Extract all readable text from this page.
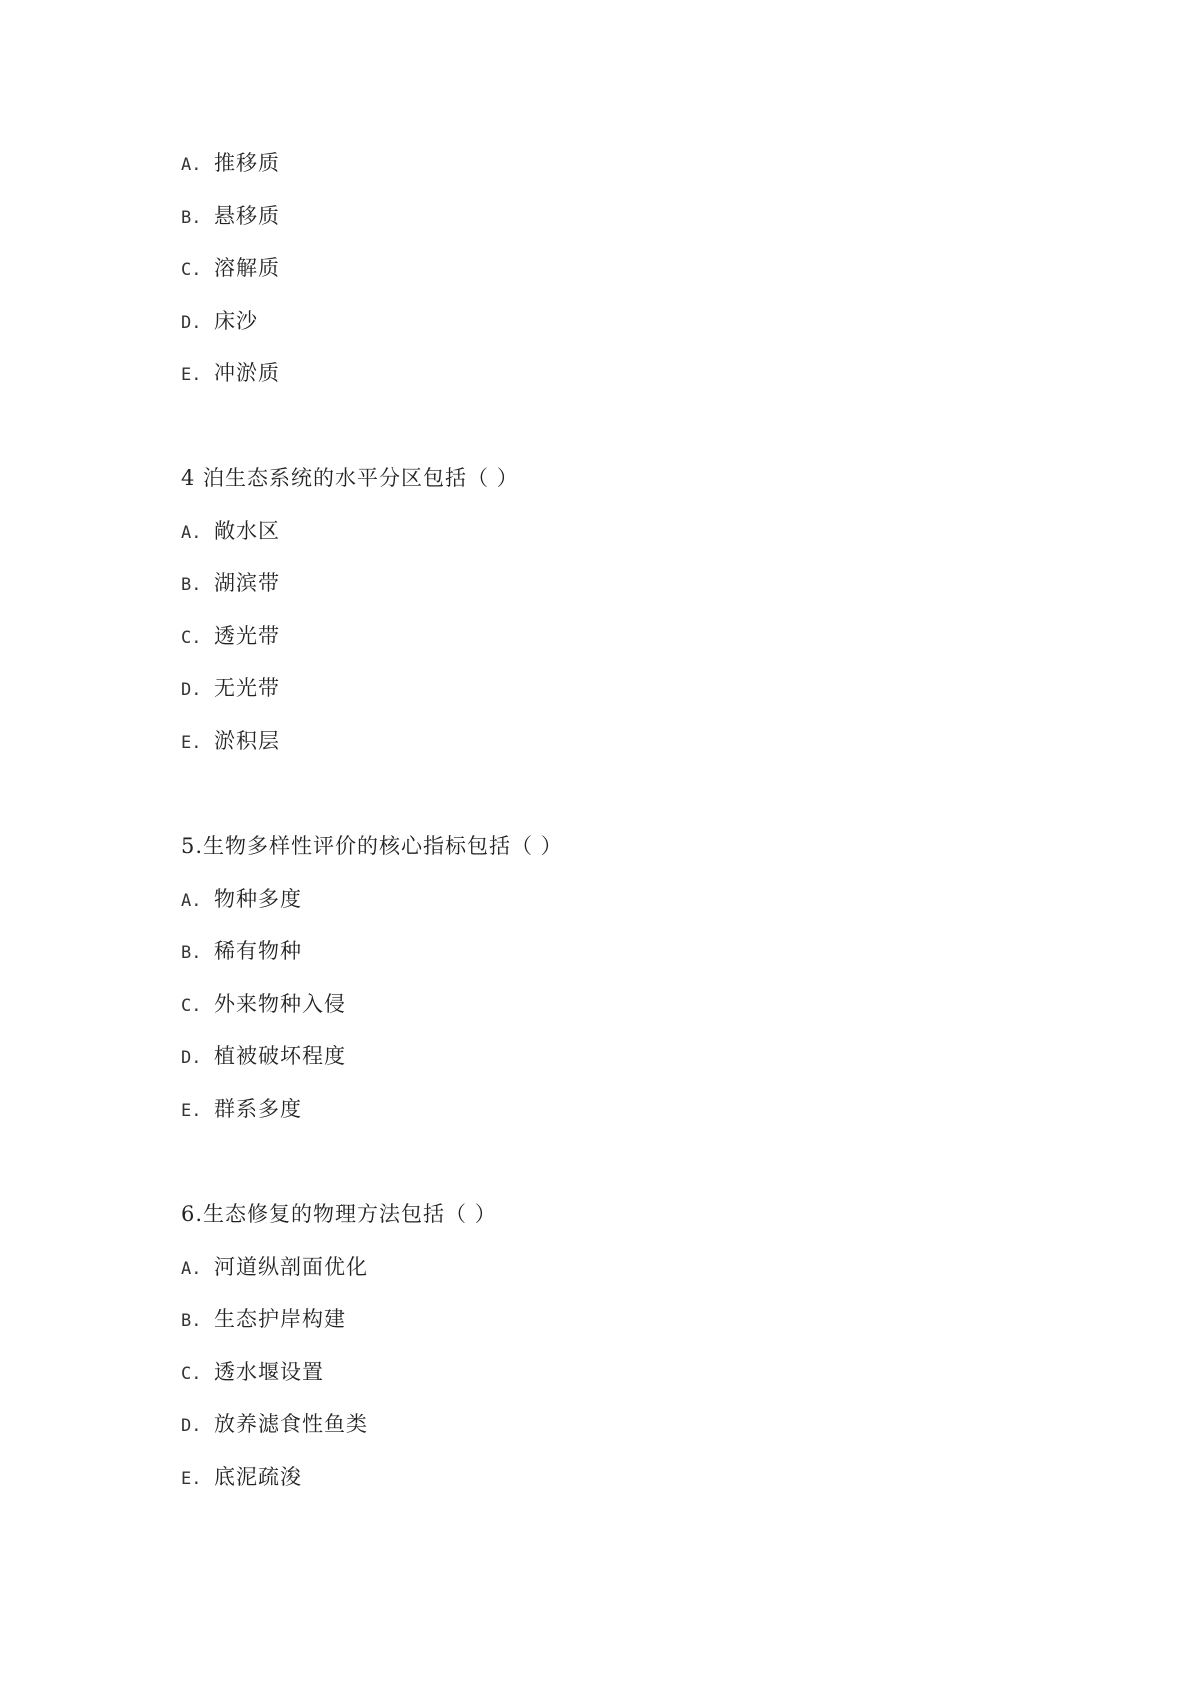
A. 推移质
B. 悬移质
C. 溶解质
D. 床沙
E. 冲淤质
4 泊生态系统的水平分区包括（ ）
A. 敞水区
B. 湖滨带
C. 透光带
D. 无光带
E. 淤积层
5.生物多样性评价的核心指标包括（ ）
A. 物种多度
B. 稀有物种
C. 外来物种入侵
D. 植被破坏程度
E. 群系多度
6.生态修复的物理方法包括（ ）
A. 河道纵剖面优化
B. 生态护岸构建
C. 透水堰设置
D. 放养滤食性鱼类
E. 底泥疏浚
